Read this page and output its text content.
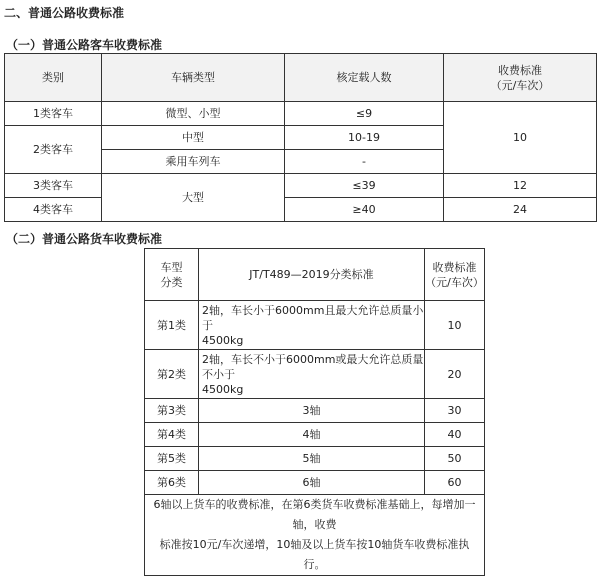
二、普通公路收费标准
（一）普通公路客车收费标准
类别	车辆类型	核定载人数	收费标准
（元/车次）

1类客车	微型、小型	≤9	10
2类客车	中型	10-19	
	乘用车列车	-	
3类客车	大型	≤39	12
4类客车		≥40	24
（二）普通公路货车收费标准
车型
分类	JT/T489—2019分类标准	收费标准
（元/车次）

第1类	2轴，车长小于6000mm且最大允许总质量小于
4500kg	10
第2类	2轴，车长不小于6000mm或最大允许总质量不小于
4500kg	20
第3类	3轴	30
第4类	4轴	40
第5类	5轴	50
第6类	6轴	60

6轴以上货车的收费标准，在第6类货车收费标准基础上，每增加一轴，收费
标准按10元/车次递增，10轴及以上货车按10轴货车收费标准执行。		
